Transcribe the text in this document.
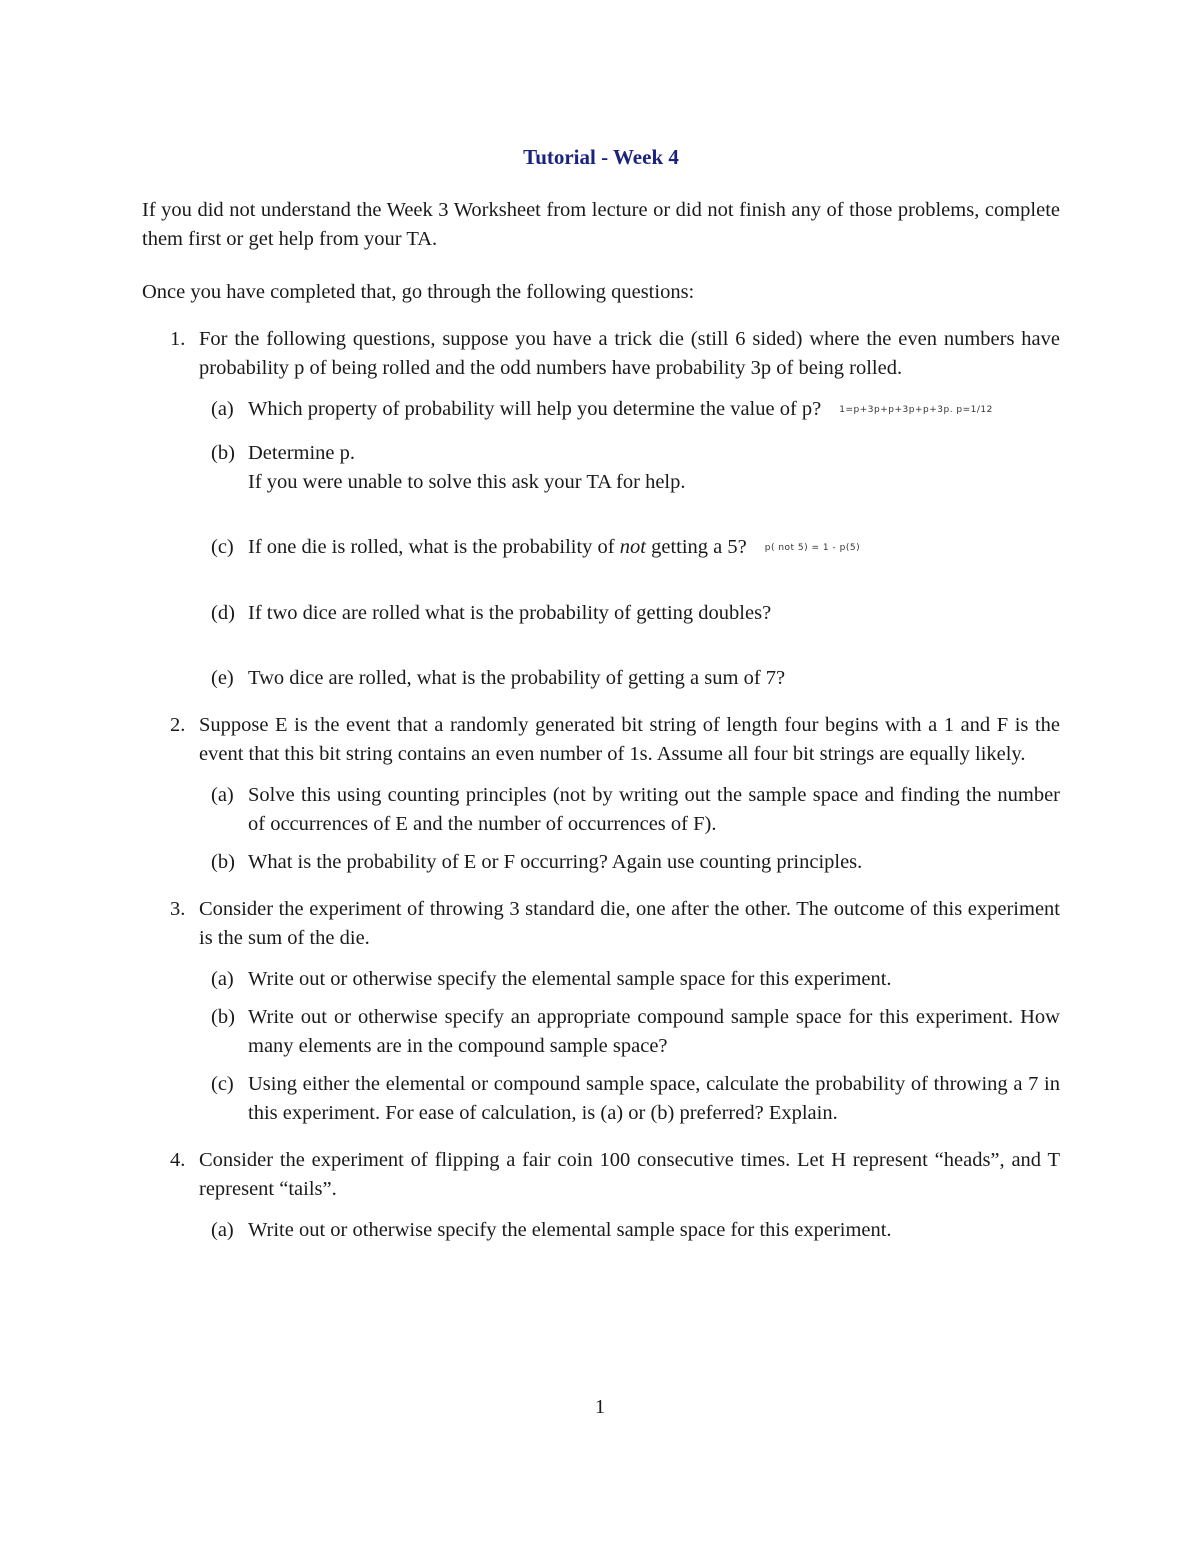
Tutorial - Week 4

If you did not understand the Week 3 Worksheet from lecture or did not finish any of those problems, complete them first or get help from your TA.

Once you have completed that, go through the following questions:

1. For the following questions, suppose you have a trick die (still 6 sided) where the even numbers have probability p of being rolled and the odd numbers have probability 3p of being rolled.

(a) Which property of probability will help you determine the value of p? 1=p+3p+p+3p+p+3p. p=1/12
(b) Determine p.
If you were unable to solve this ask your TA for help.
(c) If one die is rolled, what is the probability of not getting a 5? p( not 5) = 1 - p(5)
(d) If two dice are rolled what is the probability of getting doubles?
(e) Two dice are rolled, what is the probability of getting a sum of 7?
2. Suppose E is the event that a randomly generated bit string of length four begins with a 1 and F is the event that this bit string contains an even number of 1s. Assume all four bit strings are equally likely.

(a) Solve this using counting principles (not by writing out the sample space and finding the number of occurrences of E and the number of occurrences of F).
(b) What is the probability of E or F occurring? Again use counting principles.
3. Consider the experiment of throwing 3 standard die, one after the other. The outcome of this experiment is the sum of the die.

(a) Write out or otherwise specify the elemental sample space for this experiment.
(b) Write out or otherwise specify an appropriate compound sample space for this experiment. How many elements are in the compound sample space?
(c) Using either the elemental or compound sample space, calculate the probability of throwing a 7 in this experiment. For ease of calculation, is (a) or (b) preferred? Explain.
4. Consider the experiment of flipping a fair coin 100 consecutive times. Let H represent “heads”, and T represent “tails”.

(a) Write out or otherwise specify the elemental sample space for this experiment.
1
